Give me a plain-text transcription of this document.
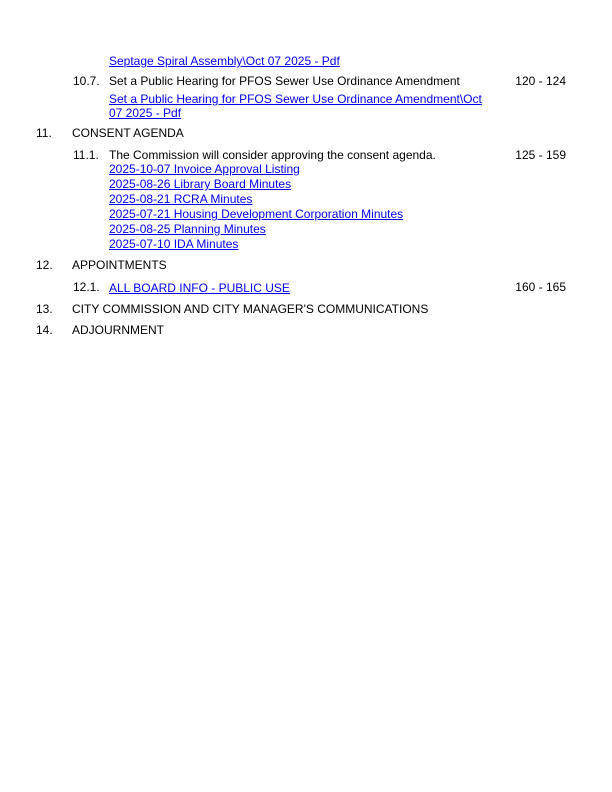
Septage Spiral Assembly\Oct 07 2025 - Pdf
10.7. Set a Public Hearing for PFOS Sewer Use Ordinance Amendment	120 - 124
Set a Public Hearing for PFOS Sewer Use Ordinance Amendment\Oct
07 2025 - Pdf
11. CONSENT AGENDA
11.1. The Commission will consider approving the consent agenda.	125 - 159
2025-10-07 Invoice Approval Listing
2025-08-26 Library Board Minutes
2025-08-21 RCRA Minutes
2025-07-21 Housing Development Corporation Minutes
2025-08-25 Planning Minutes
2025-07-10 IDA Minutes
12. APPOINTMENTS
12.1. ALL BOARD INFO - PUBLIC USE	160 - 165
13. CITY COMMISSION AND CITY MANAGER'S COMMUNICATIONS
14. ADJOURNMENT
